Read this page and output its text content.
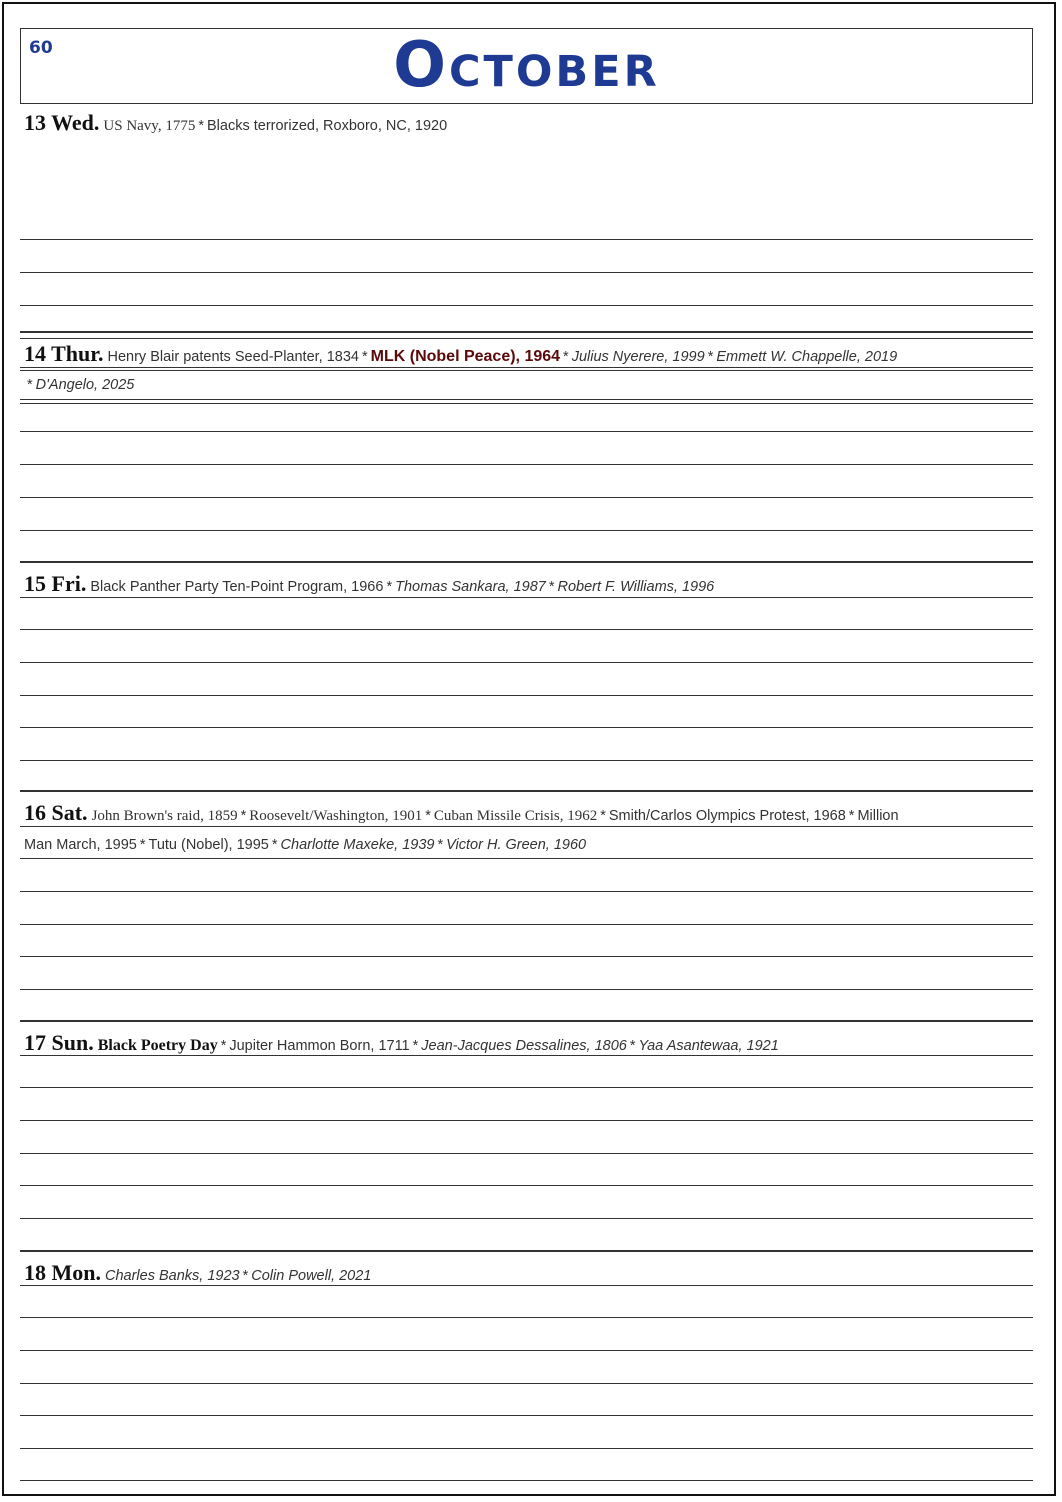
60	October
13 Wed. US Navy, 1775 * Blacks terrorized, Roxboro, NC, 1920
14 Thur. Henry Blair patents Seed-Planter, 1834 * MLK (Nobel Peace), 1964 * Julius Nyerere, 1999 * Emmett W. Chappelle, 2019
* D'Angelo, 2025
15 Fri. Black Panther Party Ten-Point Program, 1966 * Thomas Sankara, 1987 * Robert F. Williams, 1996
16 Sat. John Brown's raid, 1859 * Roosevelt/Washington, 1901 * Cuban Missile Crisis, 1962 * Smith/Carlos Olympics Protest, 1968 * Million
Man March, 1995 * Tutu (Nobel), 1995 * Charlotte Maxeke, 1939 * Victor H. Green, 1960
17 Sun. Black Poetry Day * Jupiter Hammon Born, 1711 * Jean-Jacques Dessalines, 1806 * Yaa Asantewaa, 1921
18 Mon. Charles Banks, 1923 * Colin Powell, 2021
